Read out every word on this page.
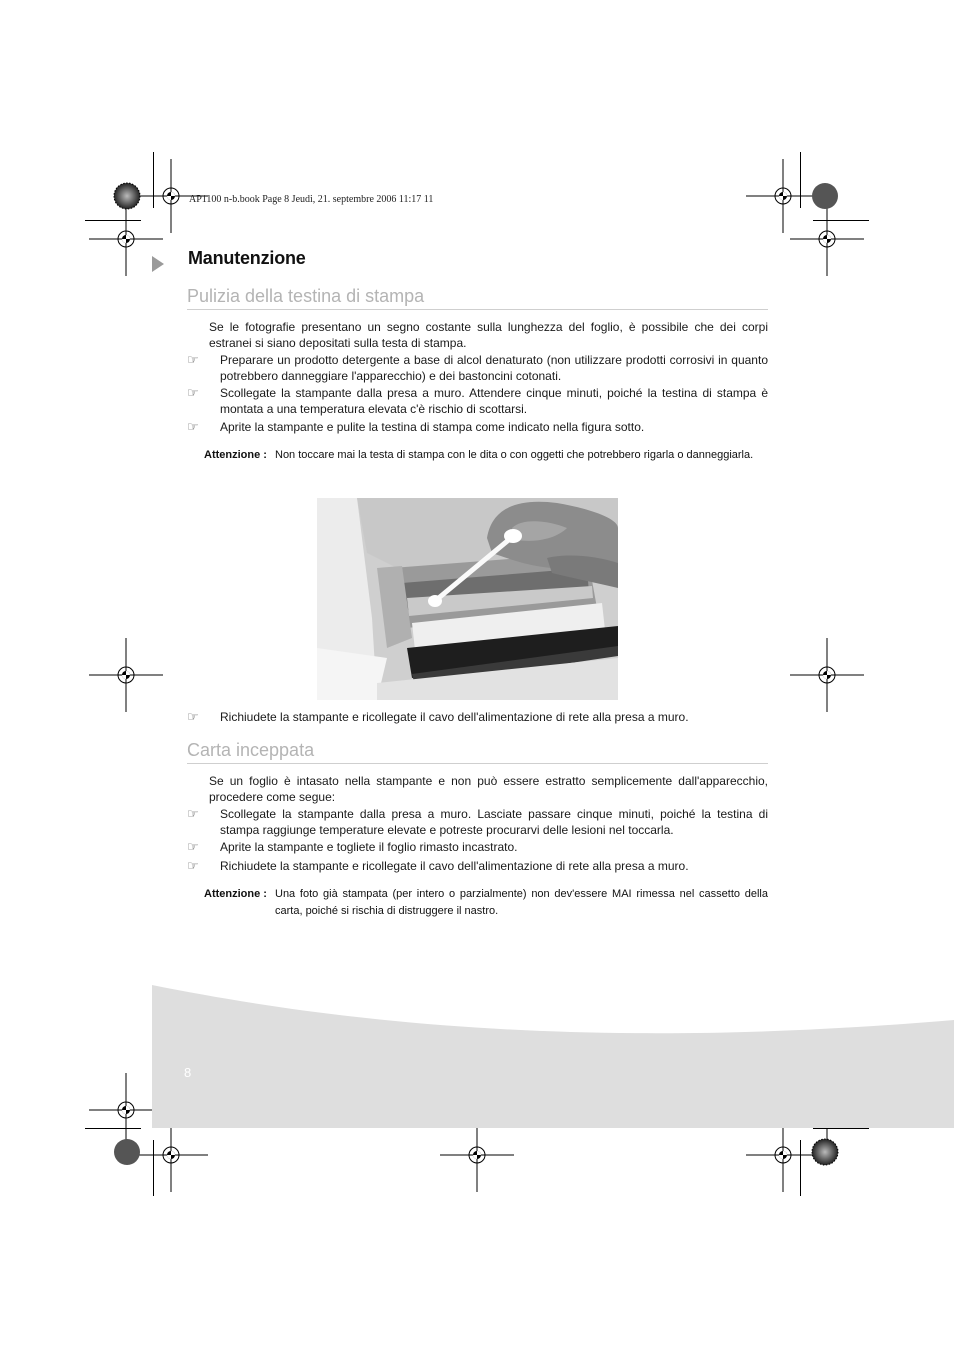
AP1100 n-b.book Page 8 Jeudi, 21. septembre 2006 11:17 11
Manutenzione
Pulizia della testina di stampa
Se le fotografie presentano un segno costante sulla lunghezza del foglio, è possibile che dei corpi estranei si siano depositati sulla testa di stampa.
☞	Preparare un prodotto detergente a base di alcol denaturato (non utilizzare prodotti corrosivi in quanto potrebbero danneggiare l'apparecchio) e dei bastoncini cotonati.
☞	Scollegate la stampante dalla presa a muro. Attendere cinque minuti, poiché la testina di stampa è montata a una temperatura elevata c'è rischio di scottarsi.
☞	Aprite la stampante e pulite la testina di stampa come indicato nella figura sotto.
Attenzione : Non toccare mai la testa di stampa con le dita o con oggetti che potrebbero rigarla o danneggiarla.
☞	Richiudete la stampante e ricollegate il cavo dell'alimentazione di rete alla presa a muro.
Carta inceppata
Se un foglio è intasato nella stampante e non può essere estratto semplicemente dall'apparecchio, procedere come segue:
☞	Scollegate la stampante dalla presa a muro. Lasciate passare cinque minuti, poiché la testina di stampa raggiunge temperature elevate e potreste procurarvi delle lesioni nel toccarla.
☞	Aprite la stampante e togliete il foglio rimasto incastrato.
☞	Richiudete la stampante e ricollegate il cavo dell'alimentazione di rete alla presa a muro.
Attenzione : Una foto già stampata (per intero o parzialmente) non dev'essere MAI rimessa nel cassetto della carta, poiché si rischia di distruggere il nastro.
8
